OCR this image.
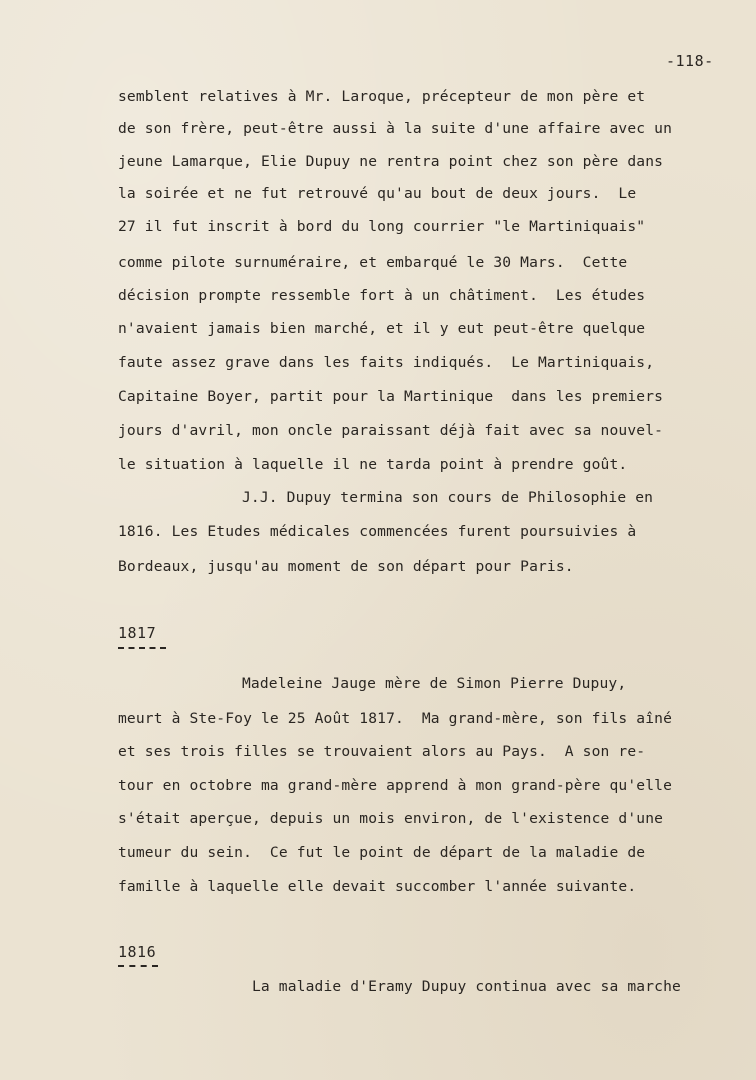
-118-
semblent relatives à Mr. Laroque, précepteur de mon père et
de son frère, peut-être aussi à la suite d'une affaire avec un
jeune Lamarque, Elie Dupuy ne rentra point chez son père dans
la soirée et ne fut retrouvé qu'au bout de deux jours.  Le
27 il fut inscrit à bord du long courrier "le Martiniquais"
comme pilote surnuméraire, et embarqué le 30 Mars.  Cette
décision prompte ressemble fort à un châtiment.  Les études
n'avaient jamais bien marché, et il y eut peut-être quelque
faute assez grave dans les faits indiqués.  Le Martiniquais,
Capitaine Boyer, partit pour la Martinique  dans les premiers
jours d'avril, mon oncle paraissant déjà fait avec sa nouvel-
le situation à laquelle il ne tarda point à prendre goût.
J.J. Dupuy termina son cours de Philosophie en
1816. Les Etudes médicales commencées furent poursuivies à
Bordeaux, jusqu'au moment de son départ pour Paris.
1817
Madeleine Jauge mère de Simon Pierre Dupuy,
meurt à Ste-Foy le 25 Août 1817.  Ma grand-mère, son fils aîné
et ses trois filles se trouvaient alors au Pays.  A son re-
tour en octobre ma grand-mère apprend à mon grand-père qu'elle
s'était aperçue, depuis un mois environ, de l'existence d'une
tumeur du sein.  Ce fut le point de départ de la maladie de
famille à laquelle elle devait succomber l'année suivante.
1816
La maladie d'Eramy Dupuy continua avec sa marche
